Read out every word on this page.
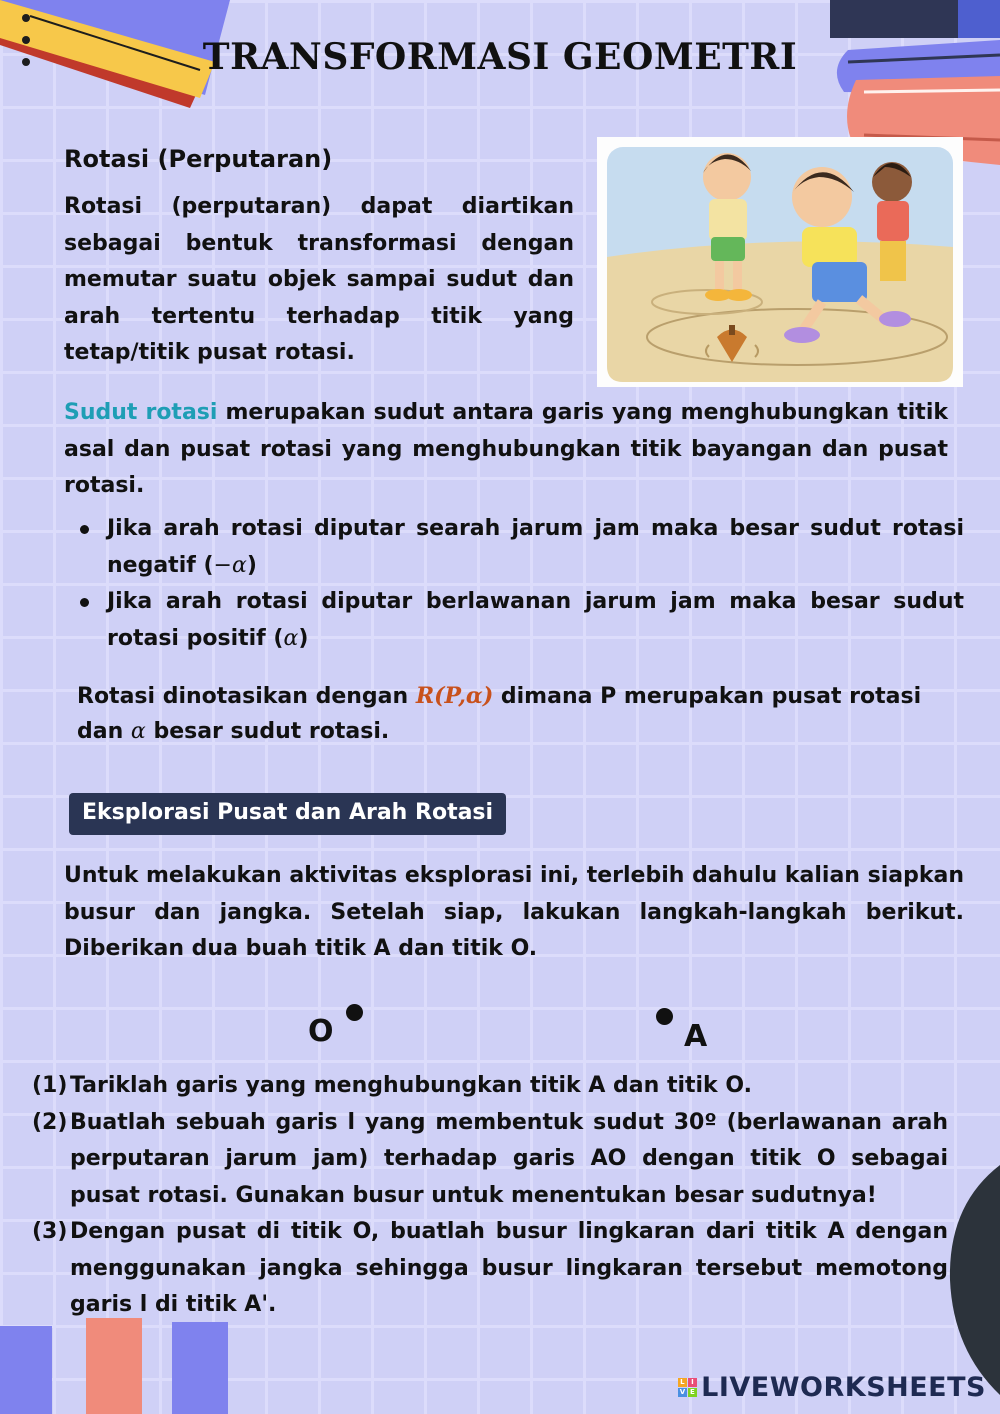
TRANSFORMASI GEOMETRI
Rotasi (Perputaran)
Rotasi (perputaran) dapat diartikan sebagai bentuk transformasi dengan memutar suatu objek sampai sudut dan arah tertentu terhadap titik yang tetap/titik pusat rotasi.
Sudut rotasi merupakan sudut antara garis yang menghubungkan titik asal dan pusat rotasi yang menghubungkan titik bayangan dan pusat rotasi.
Jika arah rotasi diputar searah jarum jam maka besar sudut rotasi negatif (−α)
Jika arah rotasi diputar berlawanan jarum jam maka besar sudut rotasi positif (α)
Rotasi dinotasikan dengan R(P,α) dimana P merupakan pusat rotasi dan α besar sudut rotasi.
Eksplorasi Pusat dan Arah Rotasi
Untuk melakukan aktivitas eksplorasi ini, terlebih dahulu kalian siapkan busur dan jangka. Setelah siap, lakukan langkah-langkah berikut. Diberikan dua buah titik A dan titik O.
O	A
(1) Tariklah garis yang menghubungkan titik A dan titik O.
(2) Buatlah sebuah garis l yang membentuk sudut 30º (berlawanan arah perputaran jarum jam) terhadap garis AO dengan titik O sebagai pusat rotasi. Gunakan busur untuk menentukan besar sudutnya!
(3) Dengan pusat di titik O, buatlah busur lingkaran dari titik A dengan menggunakan jangka sehingga busur lingkaran tersebut memotong garis l di titik A'.
L I
V E LIVEWORKSHEETS
